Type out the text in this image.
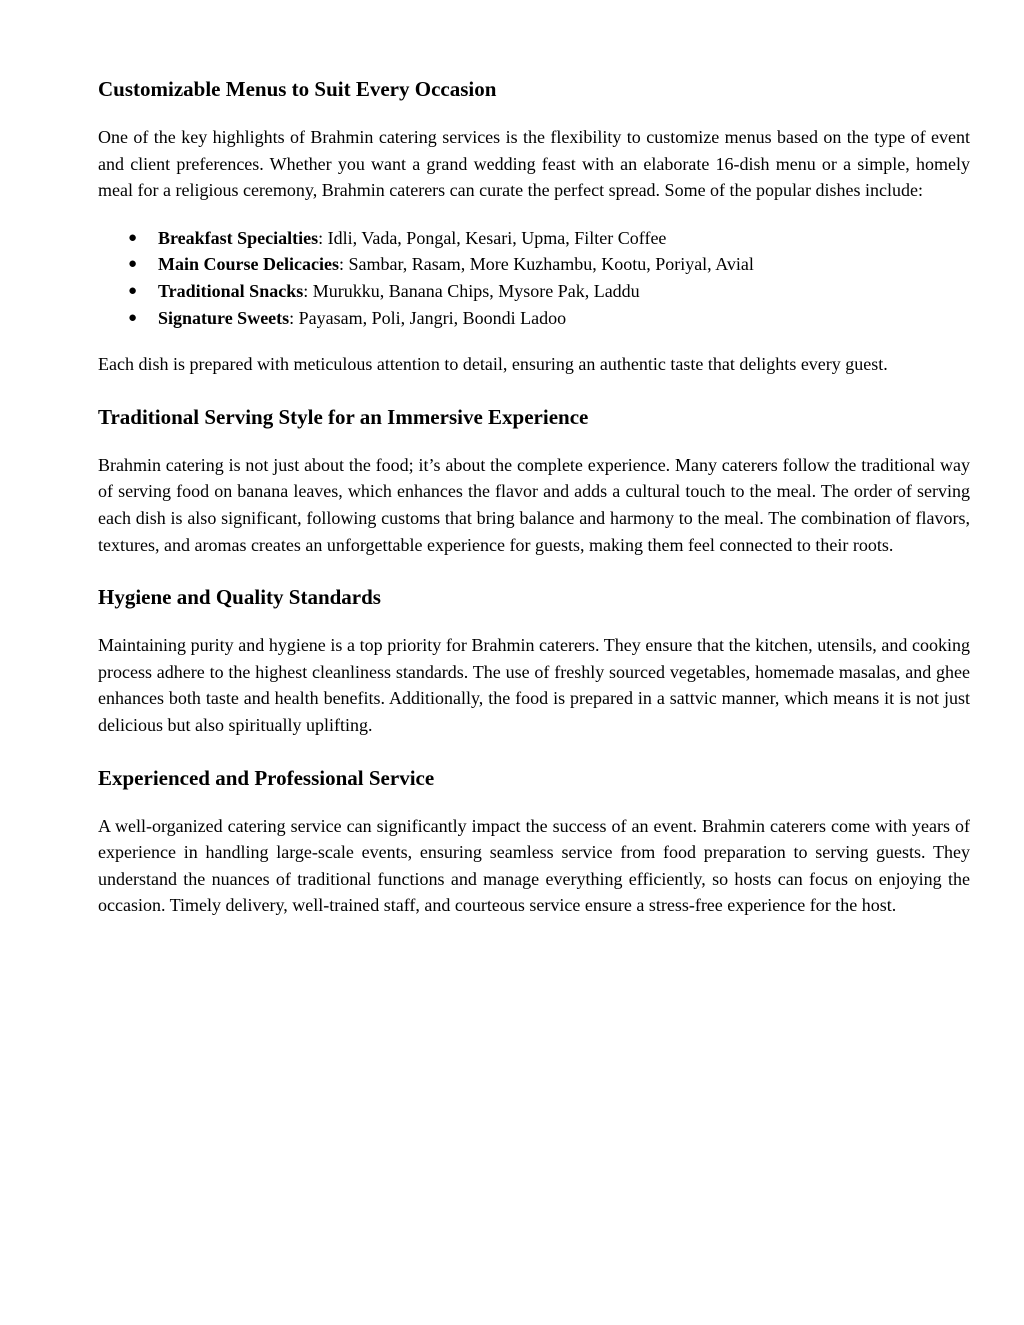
Customizable Menus to Suit Every Occasion

One of the key highlights of Brahmin catering services is the flexibility to customize menus based on the type of event and client preferences. Whether you want a grand wedding feast with an elaborate 16-dish menu or a simple, homely meal for a religious ceremony, Brahmin caterers can curate the perfect spread. Some of the popular dishes include:

● Breakfast Specialties: Idli, Vada, Pongal, Kesari, Upma, Filter Coffee
● Main Course Delicacies: Sambar, Rasam, More Kuzhambu, Kootu, Poriyal, Avial
● Traditional Snacks: Murukku, Banana Chips, Mysore Pak, Laddu
● Signature Sweets: Payasam, Poli, Jangri, Boondi Ladoo

Each dish is prepared with meticulous attention to detail, ensuring an authentic taste that delights every guest.

Traditional Serving Style for an Immersive Experience

Brahmin catering is not just about the food; it’s about the complete experience. Many caterers follow the traditional way of serving food on banana leaves, which enhances the flavor and adds a cultural touch to the meal. The order of serving each dish is also significant, following customs that bring balance and harmony to the meal. The combination of flavors, textures, and aromas creates an unforgettable experience for guests, making them feel connected to their roots.

Hygiene and Quality Standards

Maintaining purity and hygiene is a top priority for Brahmin caterers. They ensure that the kitchen, utensils, and cooking process adhere to the highest cleanliness standards. The use of freshly sourced vegetables, homemade masalas, and ghee enhances both taste and health benefits. Additionally, the food is prepared in a sattvic manner, which means it is not just delicious but also spiritually uplifting.

Experienced and Professional Service

A well-organized catering service can significantly impact the success of an event. Brahmin caterers come with years of experience in handling large-scale events, ensuring seamless service from food preparation to serving guests. They understand the nuances of traditional functions and manage everything efficiently, so hosts can focus on enjoying the occasion. Timely delivery, well-trained staff, and courteous service ensure a stress-free experience for the host.
